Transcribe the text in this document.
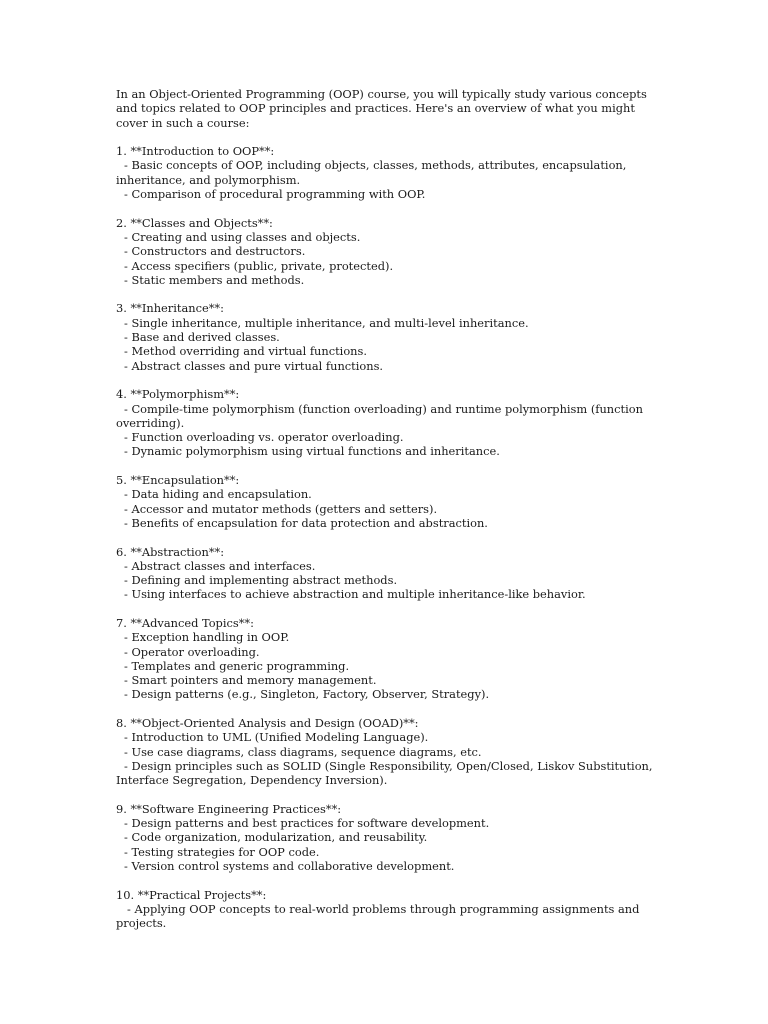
In an Object-Oriented Programming (OOP) course, you will typically study various concepts and topics related to OOP principles and practices. Here's an overview of what you might cover in such a course:

1. **Introduction to OOP**:
- Basic concepts of OOP, including objects, classes, methods, attributes, encapsulation, inheritance, and polymorphism.
- Comparison of procedural programming with OOP.
2. **Classes and Objects**:
- Creating and using classes and objects.
- Constructors and destructors.
- Access specifiers (public, private, protected).
- Static members and methods.
3. **Inheritance**:
- Single inheritance, multiple inheritance, and multi-level inheritance.
- Base and derived classes.
- Method overriding and virtual functions.
- Abstract classes and pure virtual functions.
4. **Polymorphism**:
- Compile-time polymorphism (function overloading) and runtime polymorphism (function overriding).
- Function overloading vs. operator overloading.
- Dynamic polymorphism using virtual functions and inheritance.
5. **Encapsulation**:
- Data hiding and encapsulation.
- Accessor and mutator methods (getters and setters).
- Benefits of encapsulation for data protection and abstraction.
6. **Abstraction**:
- Abstract classes and interfaces.
- Defining and implementing abstract methods.
- Using interfaces to achieve abstraction and multiple inheritance-like behavior.
7. **Advanced Topics**:
- Exception handling in OOP.
- Operator overloading.
- Templates and generic programming.
- Smart pointers and memory management.
- Design patterns (e.g., Singleton, Factory, Observer, Strategy).
8. **Object-Oriented Analysis and Design (OOAD)**:
- Introduction to UML (Unified Modeling Language).
- Use case diagrams, class diagrams, sequence diagrams, etc.
- Design principles such as SOLID (Single Responsibility, Open/Closed, Liskov Substitution, Interface Segregation, Dependency Inversion).
9. **Software Engineering Practices**:
- Design patterns and best practices for software development.
- Code organization, modularization, and reusability.
- Testing strategies for OOP code.
- Version control systems and collaborative development.
10. **Practical Projects**:
- Applying OOP concepts to real-world problems through programming assignments and projects.
